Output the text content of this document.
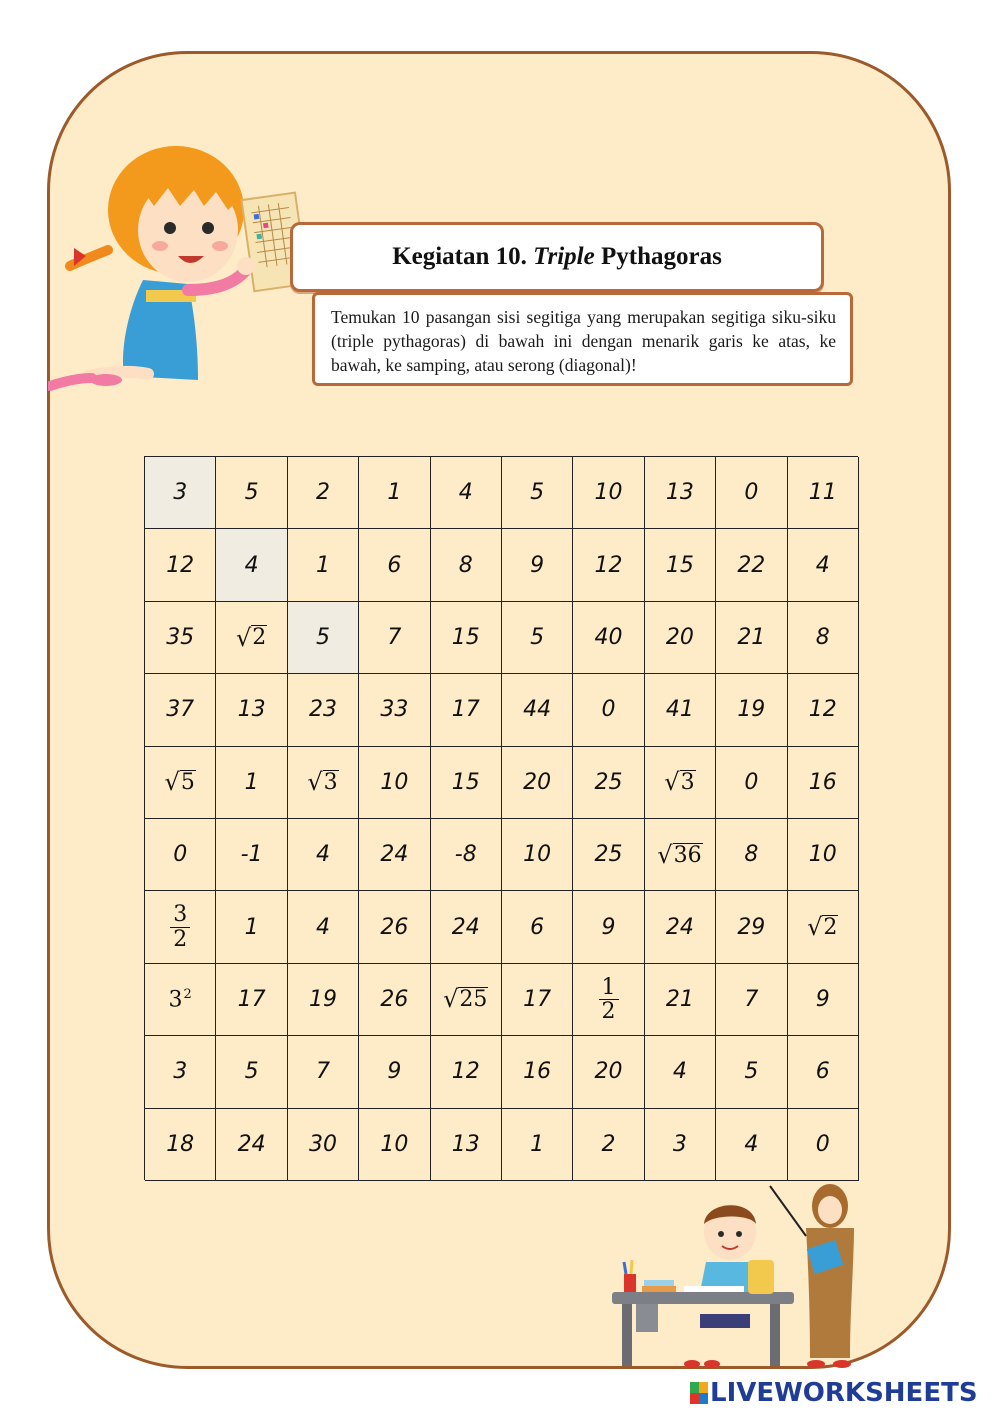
Kegiatan 10. Triple Pythagoras
Temukan 10 pasangan sisi segitiga yang merupakan segitiga siku-siku (triple pythagoras) di bawah ini dengan menarik garis ke atas, ke bawah, ke samping, atau serong (diagonal)!
3	5	2	1	4	5	10	13	0	11
12	4	1	6	8	9	12	15	22	4
35	√ 2	5	7	15	5	40	20	21	8
37	13	23	33	17	44	0	41	19	12
√ 5	1	√ 3	10	15	20	25	√ 3	0	16
0	-1	4	24	-8	10	25	√ 36	8	10
$\frac{3}{2}$	1	4	26	24	6	9	24	29	√ 2
$3^2$	17	19	26	√ 25	17	$\frac{1}{2}$	21	7	9
3	5	7	9	12	16	20	4	5	6
18	24	30	10	13	1	2	3	4	0
LIVEWORKSHEETS
